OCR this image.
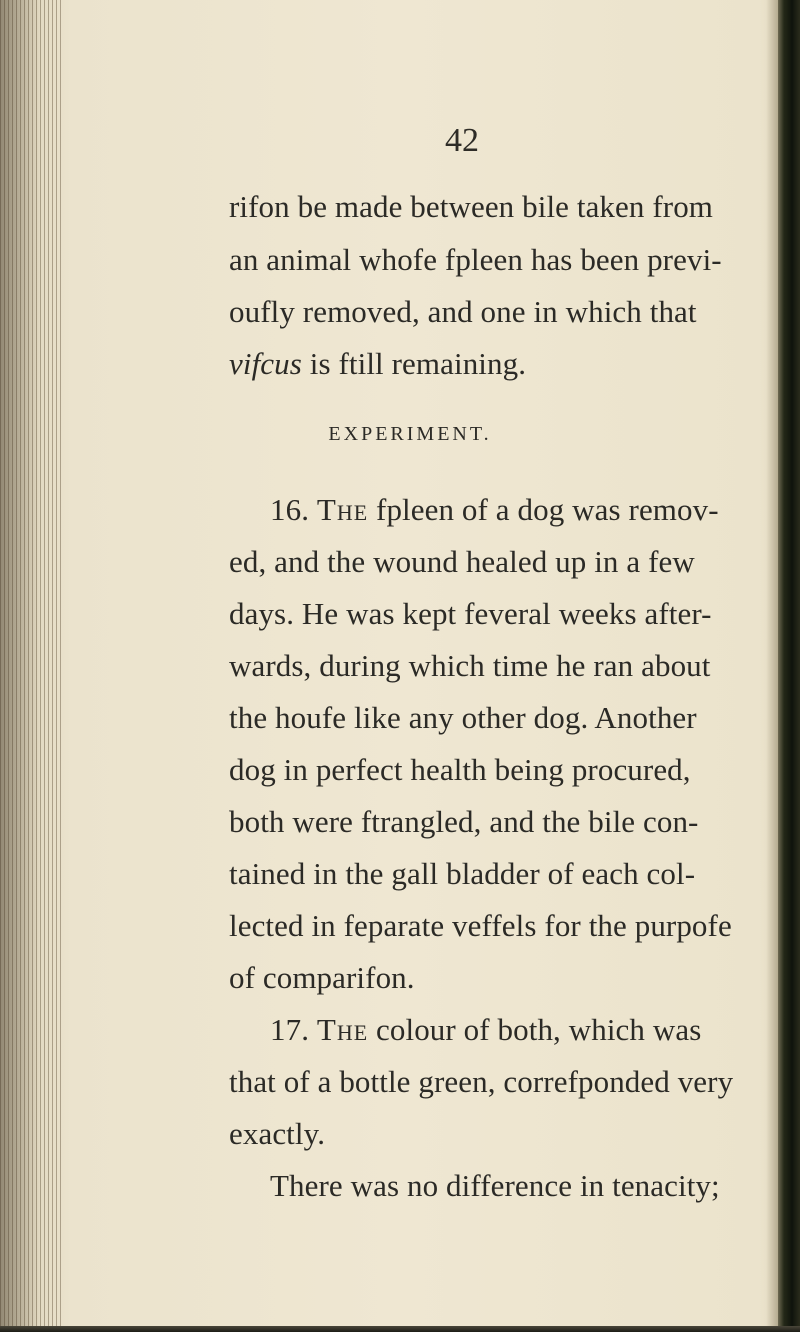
42
rifon be made between bile taken from
an animal whofe fpleen has been previ-
oufly removed, and one in which that
vifcus is ftill remaining.
EXPERIMENT.
16. The fpleen of a dog was remov-
ed, and the wound healed up in a few
days. He was kept feveral weeks after-
wards, during which time he ran about
the houfe like any other dog. Another
dog in perfect health being procured,
both were ftrangled, and the bile con-
tained in the gall bladder of each col-
lected in feparate veffels for the purpofe
of comparifon.
17. The colour of both, which was
that of a bottle green, correfponded very
exactly.
There was no difference in tenacity;
